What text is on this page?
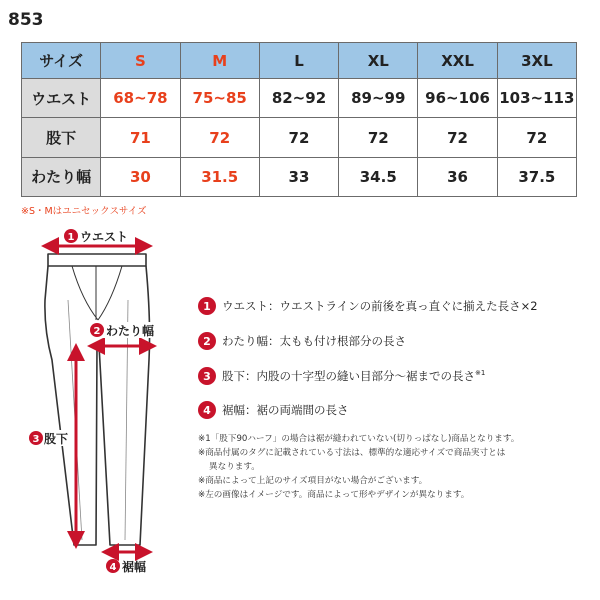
853
サイズ	S	M	L	XL	XXL	3XL
ウエスト	68~78	75~85	82~92	89~99	96~106	103~113
股下	71	72	72	72	72	72
わたり幅	30	31.5	33	34.5	36	37.5
※S・Mはユニセックスサイズ
1 ウエスト
2 わたり幅
3 股下
4 裾幅
1 ウエスト：ウエストラインの前後を真っ直ぐに揃えた長さ×2
2 わたり幅：太もも付け根部分の長さ
3 股下：内股の十字型の縫い目部分～裾までの長さ$^{※1}$
4 裾幅：裾の両端間の長さ
※1「股下90ハーフ」の場合は裾が縫われていない(切りっぱなし)商品となります。
※商品付属のタグに記載されている寸法は、標準的な適応サイズで商品実寸とは
異なります。
※商品によって上記のサイズ項目がない場合がございます。
※左の画像はイメージです。商品によって形やデザインが異なります。
